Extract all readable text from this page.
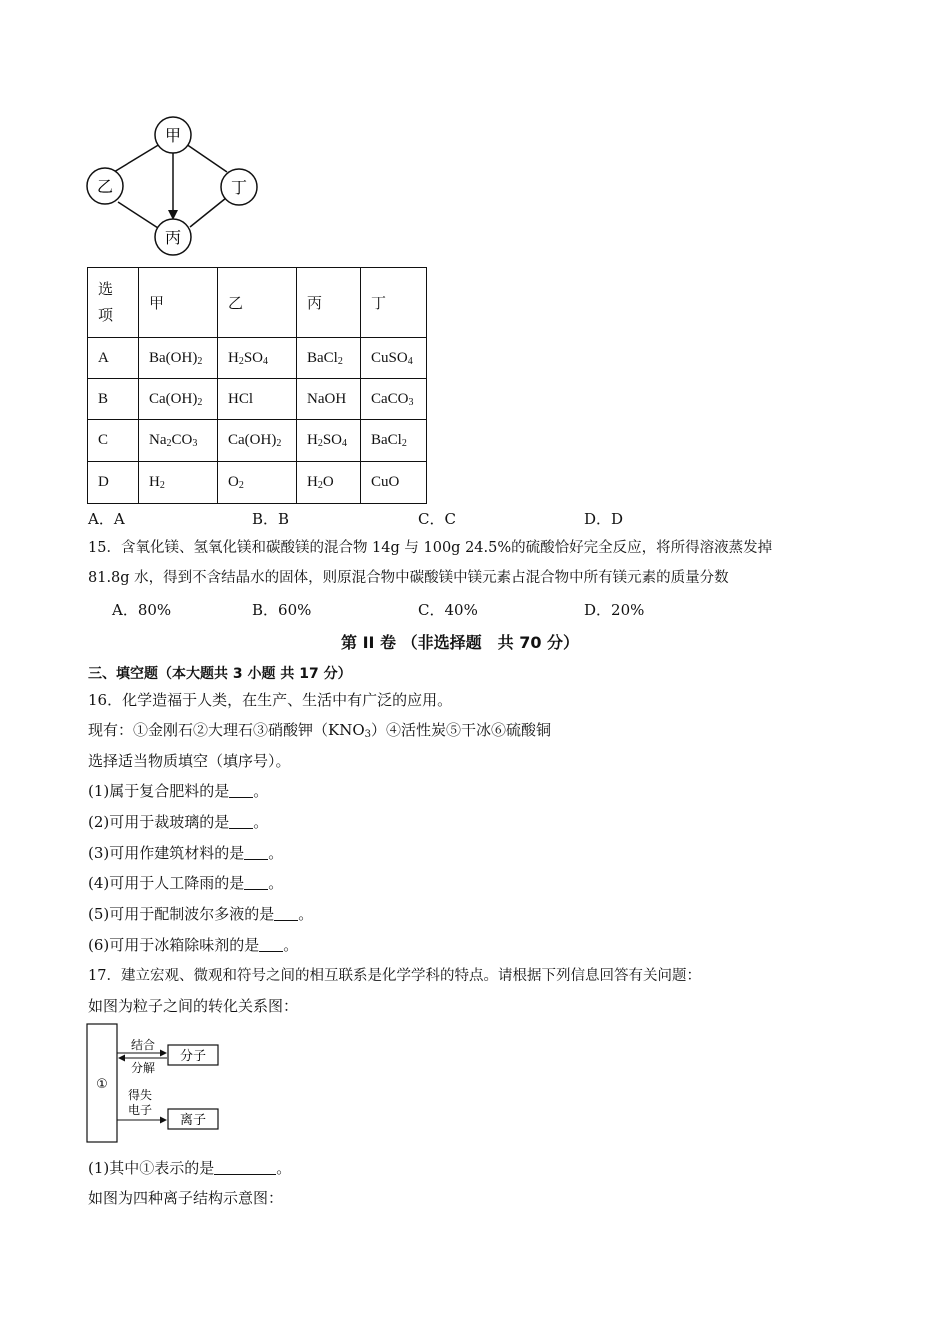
甲
乙	丁
丙
选
项	甲	乙	丙	丁
A	$Ba(OH)_2$	$H_2SO_4$	BaCl$_2$	CuSO$_4$
B	$Ca(OH)_2$	HCl	NaOH	CaCO$_3$
C	$Na_2CO_3$	$Ca(OH)_2$	$H_2SO_4$	BaCl$_2$
D	$H_2$	$O_2$	$H_2O$	CuO
A．A	B．B	C．C	D．D
15．含氧化镁、氢氧化镁和碳酸镁的混合物 14g 与 100g 24.5%的硫酸恰好完全反应，将所得溶液蒸发掉
81.8g 水，得到不含结晶水的固体，则原混合物中碳酸镁中镁元素占混合物中所有镁元素的质量分数
A．80%	B．60%	C．40%	D．20%
第 II 卷 （非选择题　共 70 分）
三、填空题（本大题共 3 小题 共 17 分）
16．化学造福于人类，在生产、生活中有广泛的应用。
现有：①金刚石②大理石③硝酸钾$(KNO_3)④$活性炭⑤干冰⑥硫酸铜
选择适当物质填空（填序号）。
(1)属于复合肥料的是 。
(2)可用于裁玻璃的是 。
(3)可用作建筑材料的是 。
(4)可用于人工降雨的是 。
(5)可用于配制波尔多液的是 。
(6)可用于冰箱除味剂的是 。
17．建立宏观、微观和符号之间的相互联系是化学学科的特点。请根据下列信息回答有关问题：
如图为粒子之间的转化关系图：
①
分子
结合
分解
离子
得失
电子
(1)其中①表示的是	。
如图为四种离子结构示意图：
